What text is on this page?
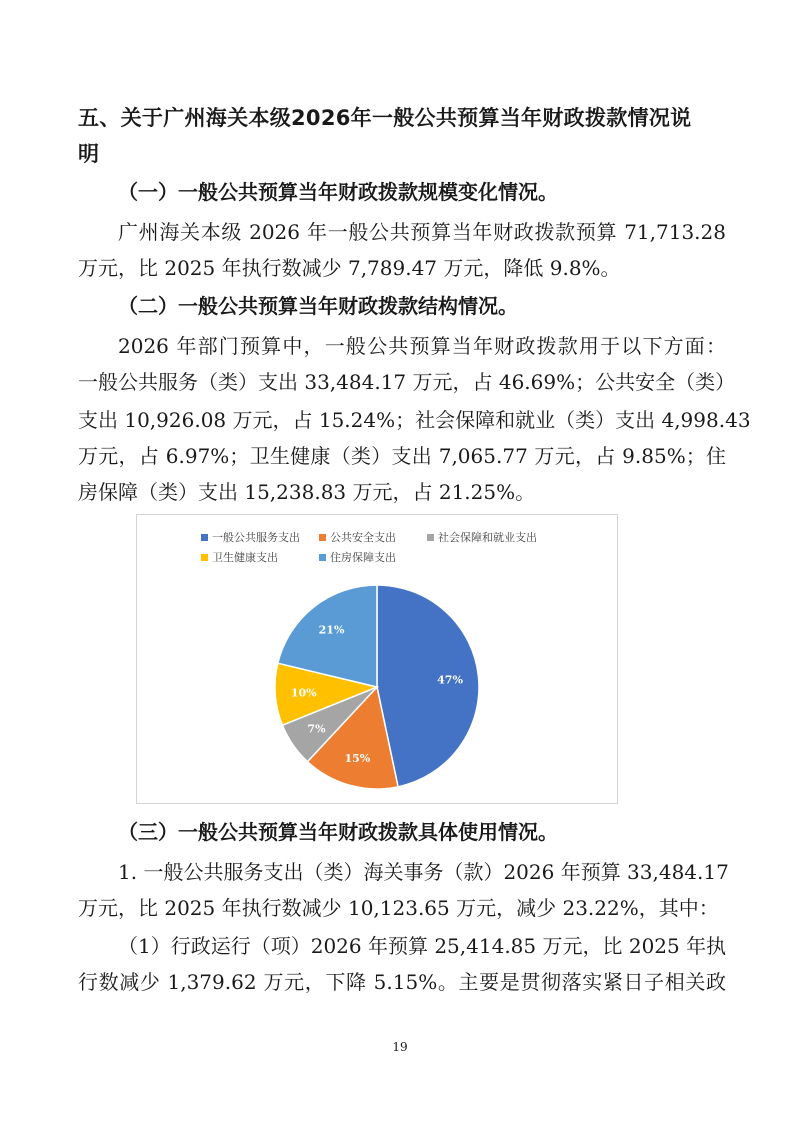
五、关于广州海关本级2026年一般公共预算当年财政拨款情况说
明
（一）一般公共预算当年财政拨款规模变化情况。
广州海关本级 2026 年一般公共预算当年财政拨款预算 71,713.28
万元，比 2025 年执行数减少 7,789.47 万元，降低 9.8%。
（二）一般公共预算当年财政拨款结构情况。
2026 年部门预算中，一般公共预算当年财政拨款用于以下方面：
一般公共服务（类）支出 33,484.17 万元，占 46.69%；公共安全（类）
支出 10,926.08 万元，占 15.24%；社会保障和就业（类）支出 4,998.43
万元，占 6.97%；卫生健康（类）支出 7,065.77 万元，占 9.85%；住
房保障（类）支出 15,238.83 万元，占 21.25%。
一般公共服务支出	公共安全支出	社会保障和就业支出
卫生健康支出	住房保障支出
47%
15%
7%
10%
21%
（三）一般公共预算当年财政拨款具体使用情况。
1. 一般公共服务支出（类）海关事务（款）2026 年预算 33,484.17
万元，比 2025 年执行数减少 10,123.65 万元，减少 23.22%，其中：
（1）行政运行（项）2026 年预算 25,414.85 万元，比 2025 年执
行数减少 1,379.62 万元，下降 5.15%。主要是贯彻落实紧日子相关政
19
